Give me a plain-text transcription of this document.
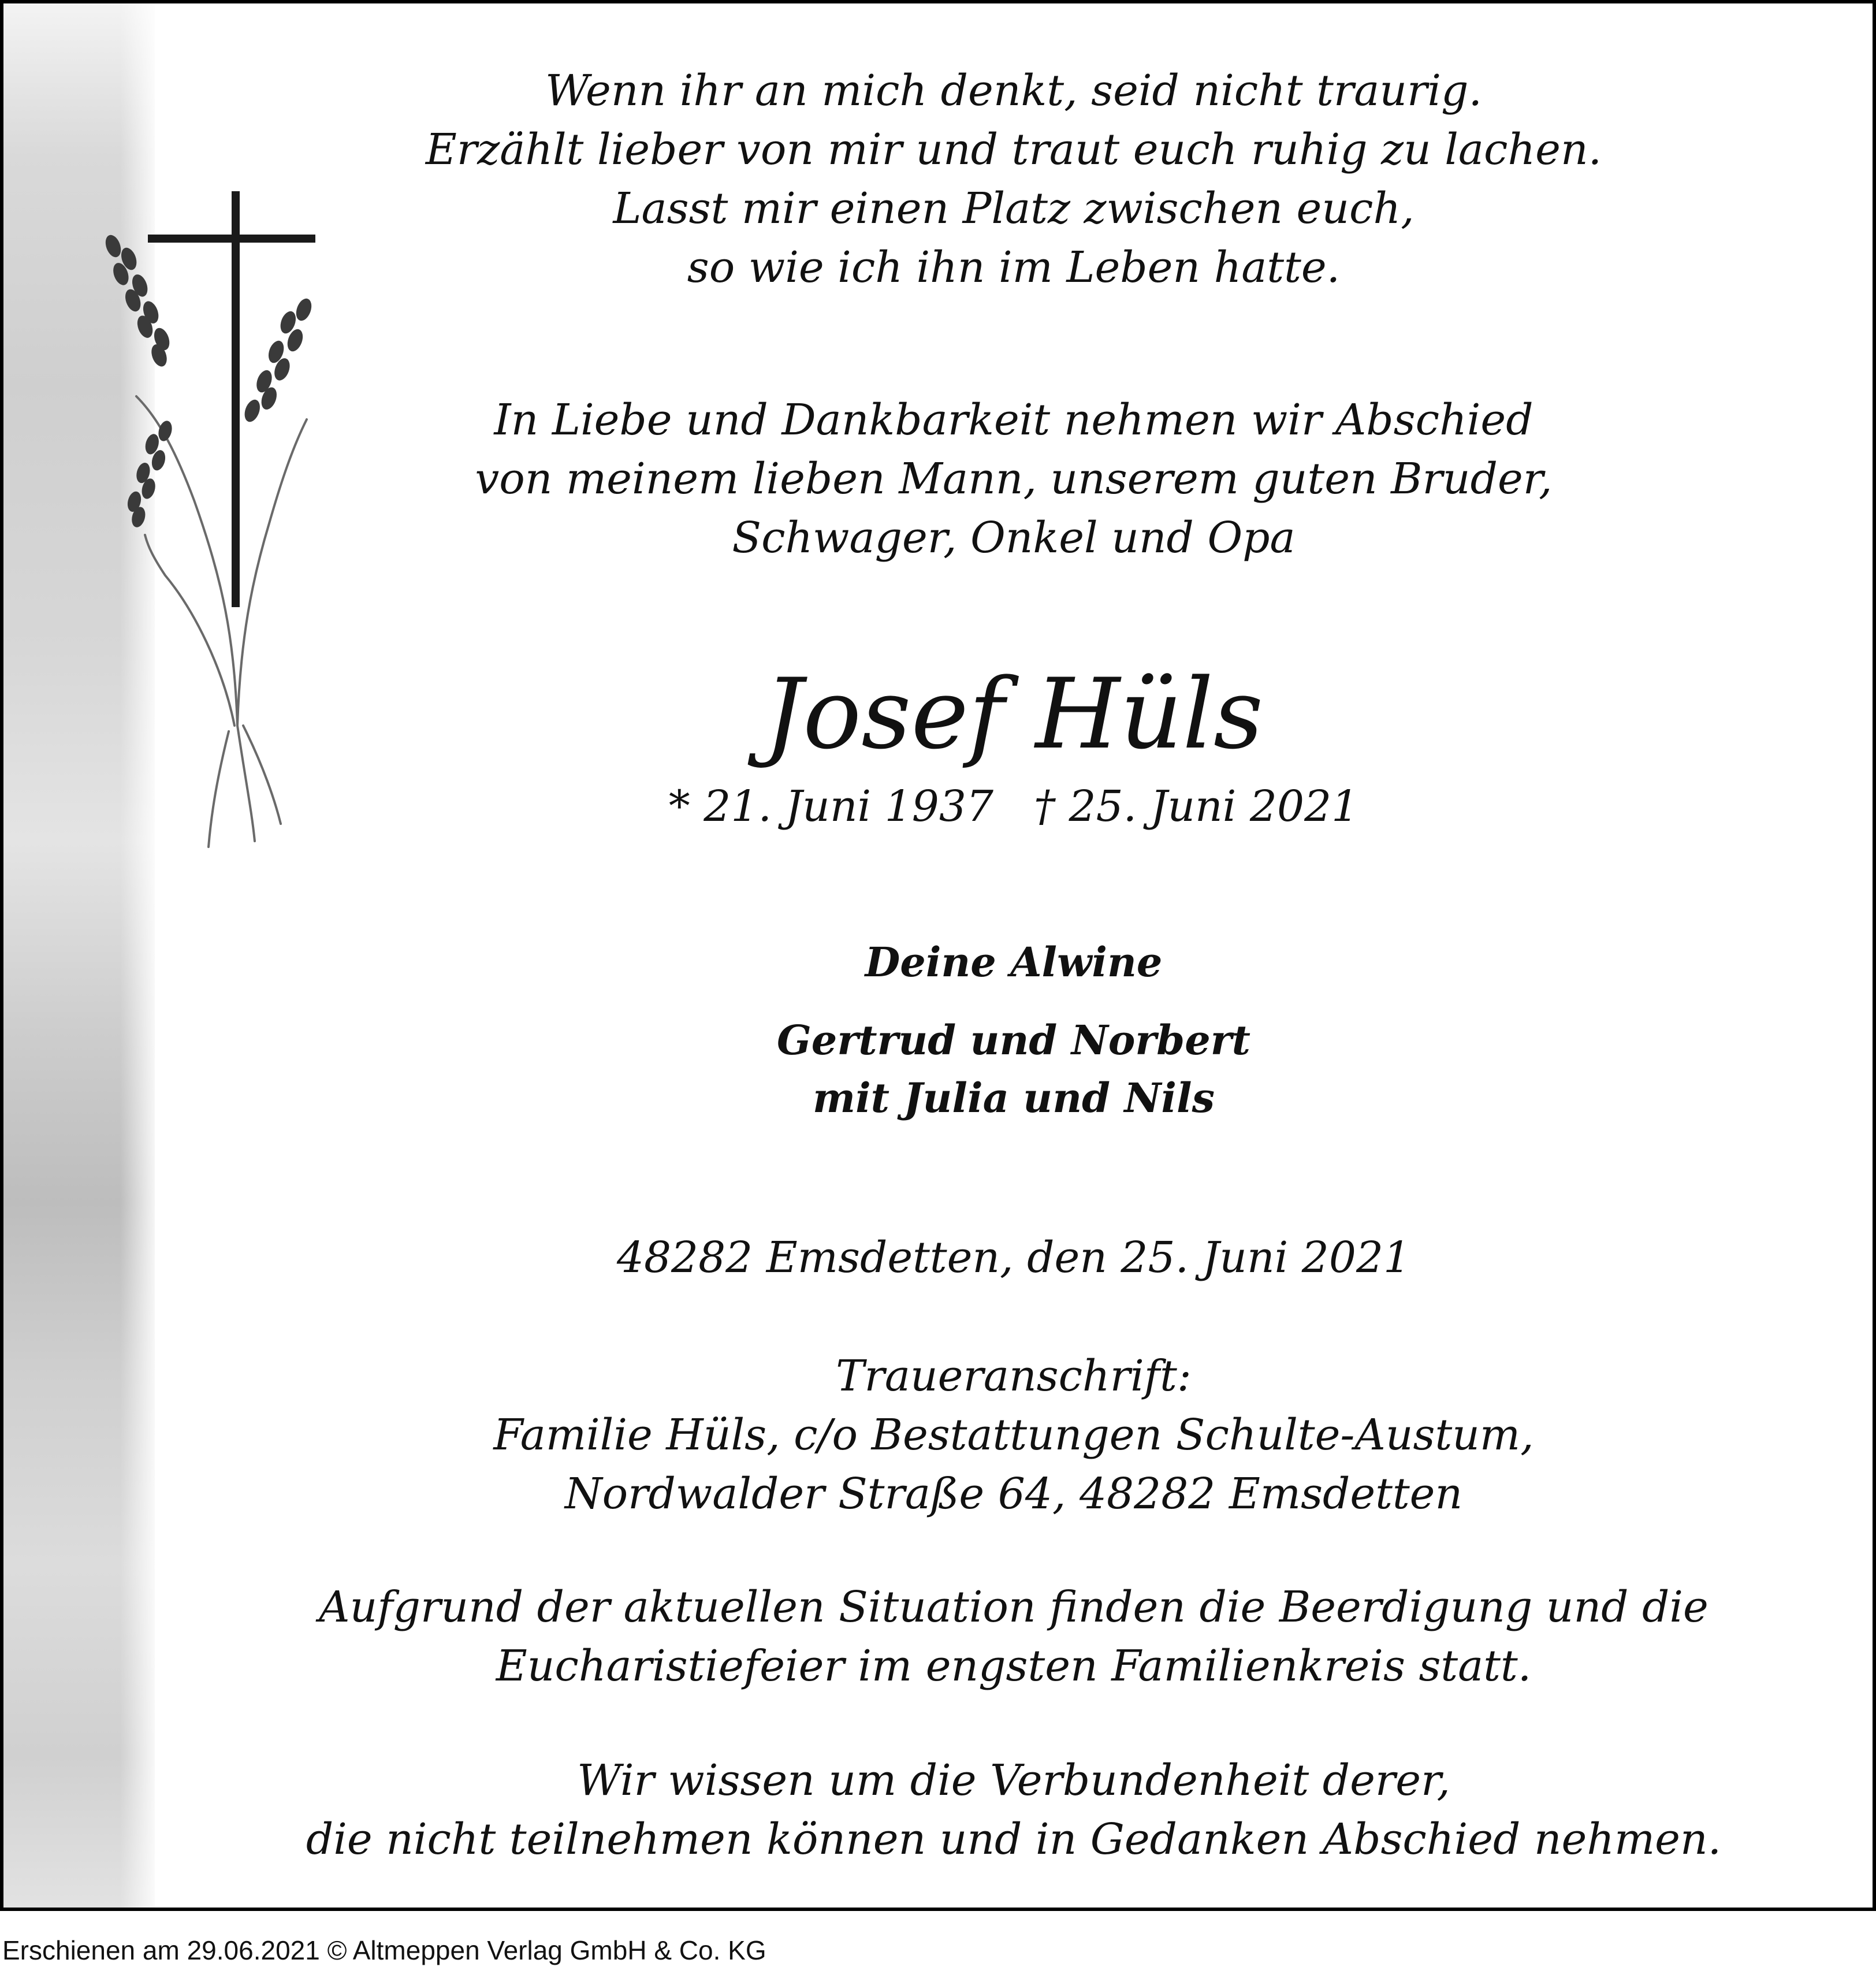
Wenn ihr an mich denkt, seid nicht traurig.
Erzählt lieber von mir und traut euch ruhig zu lachen.
Lasst mir einen Platz zwischen euch,
so wie ich ihn im Leben hatte.

In Liebe und Dankbarkeit nehmen wir Abschied
von meinem lieben Mann, unserem guten Bruder,
Schwager, Onkel und Opa

Josef Hüls
* 21. Juni 1937 † 25. Juni 2021
Deine Alwine
Gertrud und Norbert
mit Julia und Nils

48282 Emsdetten, den 25. Juni 2021

Traueranschrift:
Familie Hüls, c/o Bestattungen Schulte-Austum,
Nordwalder Straße 64, 48282 Emsdetten

Aufgrund der aktuellen Situation finden die Beerdigung und die
Eucharistiefeier im engsten Familienkreis statt.

Wir wissen um die Verbundenheit derer,
die nicht teilnehmen können und in Gedanken Abschied nehmen.

Erschienen am 29.06.2021 © Altmeppen Verlag GmbH & Co. KG
